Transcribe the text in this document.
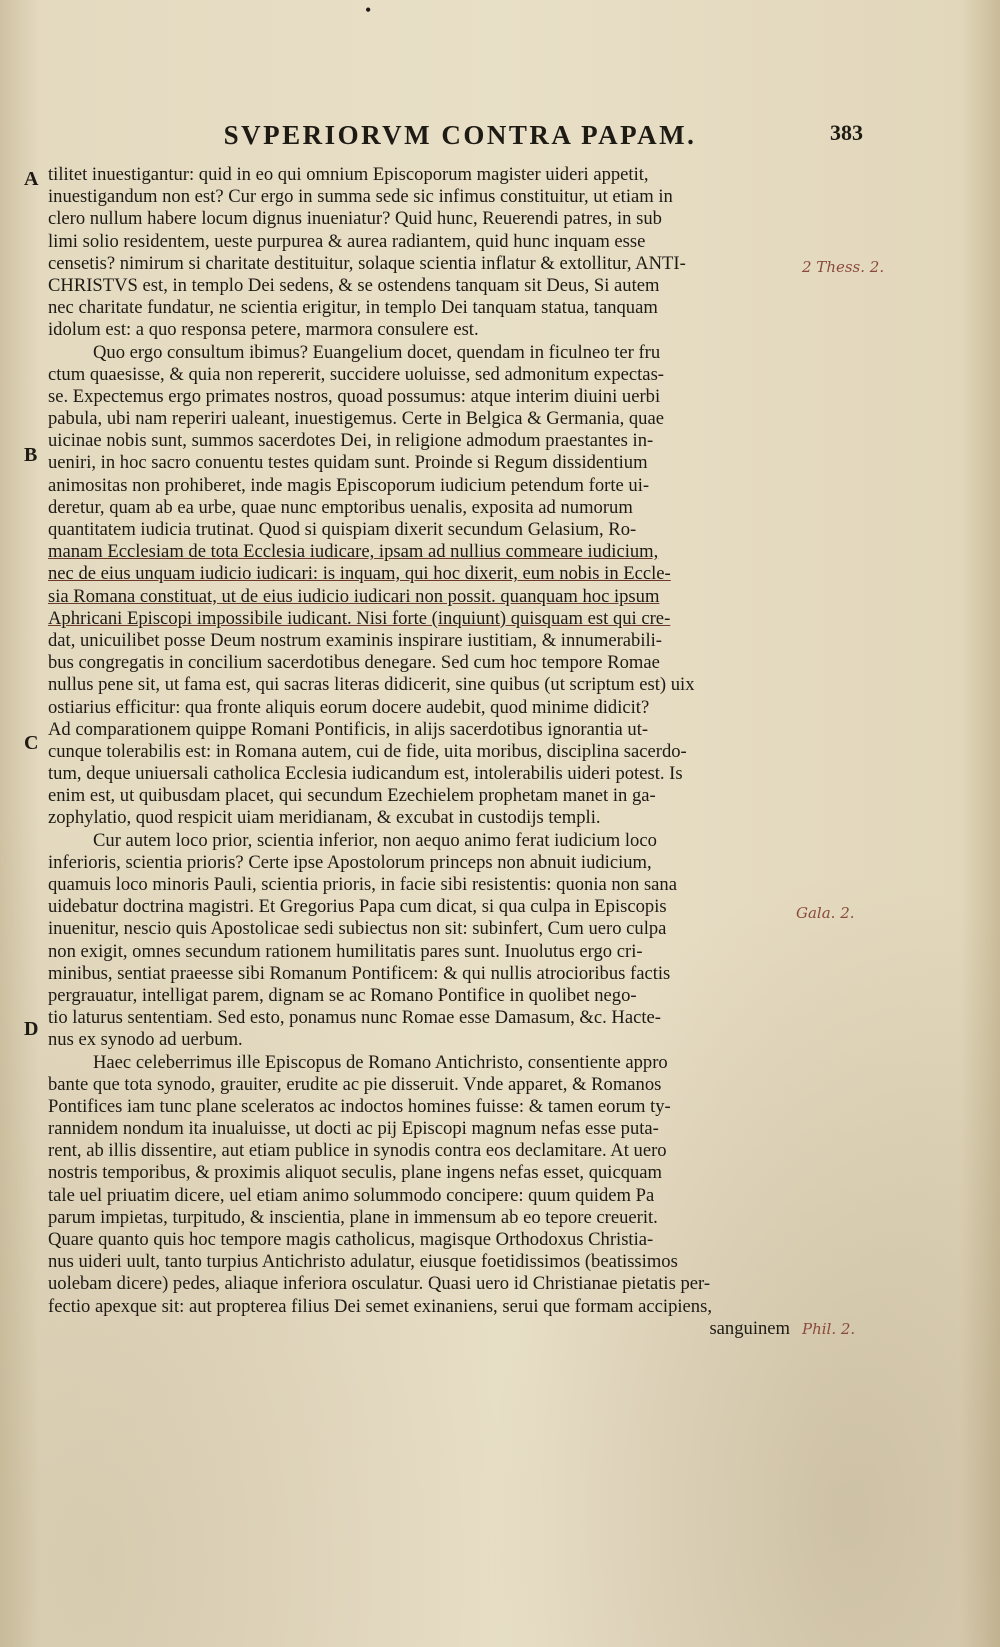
•
SVPERIORVM CONTRA PAPAM.	383
A
B
C
D
2 Thess. 2.
Gala. 2.
Phil. 2.
tilitet inuestigantur: quid in eo qui omnium Episcoporum magister uideri appetit,
inuestigandum non est? Cur ergo in summa sede sic infimus constituitur, ut etiam in
clero nullum habere locum dignus inueniatur? Quid hunc, Reuerendi patres, in sub
limi solio residentem, ueste purpurea & aurea radiantem, quid hunc inquam esse
censetis? nimirum si charitate destituitur, solaque scientia inflatur & extollitur, ANTI-
CHRISTVS est, in templo Dei sedens, & se ostendens tanquam sit Deus, Si autem
nec charitate fundatur, ne scientia erigitur, in templo Dei tanquam statua, tanquam
idolum est: a quo responsa petere, marmora consulere est.
Quo ergo consultum ibimus? Euangelium docet, quendam in ficulneo ter fru
ctum quaesisse, & quia non repererit, succidere uoluisse, sed admonitum expectas-
se. Expectemus ergo primates nostros, quoad possumus: atque interim diuini uerbi
pabula, ubi nam reperiri ualeant, inuestigemus. Certe in Belgica & Germania, quae
uicinae nobis sunt, summos sacerdotes Dei, in religione admodum praestantes in-
ueniri, in hoc sacro conuentu testes quidam sunt. Proinde si Regum dissidentium
animositas non prohiberet, inde magis Episcoporum iudicium petendum forte ui-
deretur, quam ab ea urbe, quae nunc emptoribus uenalis, exposita ad numorum
quantitatem iudicia trutinat. Quod si quispiam dixerit secundum Gelasium, Ro-
manam Ecclesiam de tota Ecclesia iudicare, ipsam ad nullius commeare iudicium,
nec de eius unquam iudicio iudicari: is inquam, qui hoc dixerit, eum nobis in Eccle-
sia Romana constituat, ut de eius iudicio iudicari non possit. quanquam hoc ipsum
Aphricani Episcopi impossibile iudicant. Nisi forte (inquiunt) quisquam est qui cre-
dat, unicuilibet posse Deum nostrum examinis inspirare iustitiam, & innumerabili-
bus congregatis in concilium sacerdotibus denegare. Sed cum hoc tempore Romae
nullus pene sit, ut fama est, qui sacras literas didicerit, sine quibus (ut scriptum est) uix
ostiarius efficitur: qua fronte aliquis eorum docere audebit, quod minime didicit?
Ad comparationem quippe Romani Pontificis, in alijs sacerdotibus ignorantia ut-
cunque tolerabilis est: in Romana autem, cui de fide, uita moribus, disciplina sacerdo-
tum, deque uniuersali catholica Ecclesia iudicandum est, intolerabilis uideri potest. Is
enim est, ut quibusdam placet, qui secundum Ezechielem prophetam manet in ga-
zophylatio, quod respicit uiam meridianam, & excubat in custodijs templi.
Cur autem loco prior, scientia inferior, non aequo animo ferat iudicium loco
inferioris, scientia prioris? Certe ipse Apostolorum princeps non abnuit iudicium,
quamuis loco minoris Pauli, scientia prioris, in facie sibi resistentis: quonia non sana
uidebatur doctrina magistri. Et Gregorius Papa cum dicat, si qua culpa in Episcopis
inuenitur, nescio quis Apostolicae sedi subiectus non sit: subinfert, Cum uero culpa
non exigit, omnes secundum rationem humilitatis pares sunt. Inuolutus ergo cri-
minibus, sentiat praeesse sibi Romanum Pontificem: & qui nullis atrocioribus factis
pergrauatur, intelligat parem, dignam se ac Romano Pontifice in quolibet nego-
tio laturus sententiam. Sed esto, ponamus nunc Romae esse Damasum, &c. Hacte-
nus ex synodo ad uerbum.
Haec celeberrimus ille Episcopus de Romano Antichristo, consentiente appro
bante que tota synodo, grauiter, erudite ac pie disseruit. Vnde apparet, & Romanos
Pontifices iam tunc plane sceleratos ac indoctos homines fuisse: & tamen eorum ty-
rannidem nondum ita inualuisse, ut docti ac pij Episcopi magnum nefas esse puta-
rent, ab illis dissentire, aut etiam publice in synodis contra eos declamitare. At uero
nostris temporibus, & proximis aliquot seculis, plane ingens nefas esset, quicquam
tale uel priuatim dicere, uel etiam animo solummodo concipere: quum quidem Pa
parum impietas, turpitudo, & inscientia, plane in immensum ab eo tepore creuerit.
Quare quanto quis hoc tempore magis catholicus, magisque Orthodoxus Christia-
nus uideri uult, tanto turpius Antichristo adulatur, eiusque foetidissimos (beatissimos
uolebam dicere) pedes, aliaque inferiora osculatur. Quasi uero id Christianae pietatis per-
fectio apexque sit: aut propterea filius Dei semet exinaniens, serui que formam accipiens,
sanguinem
